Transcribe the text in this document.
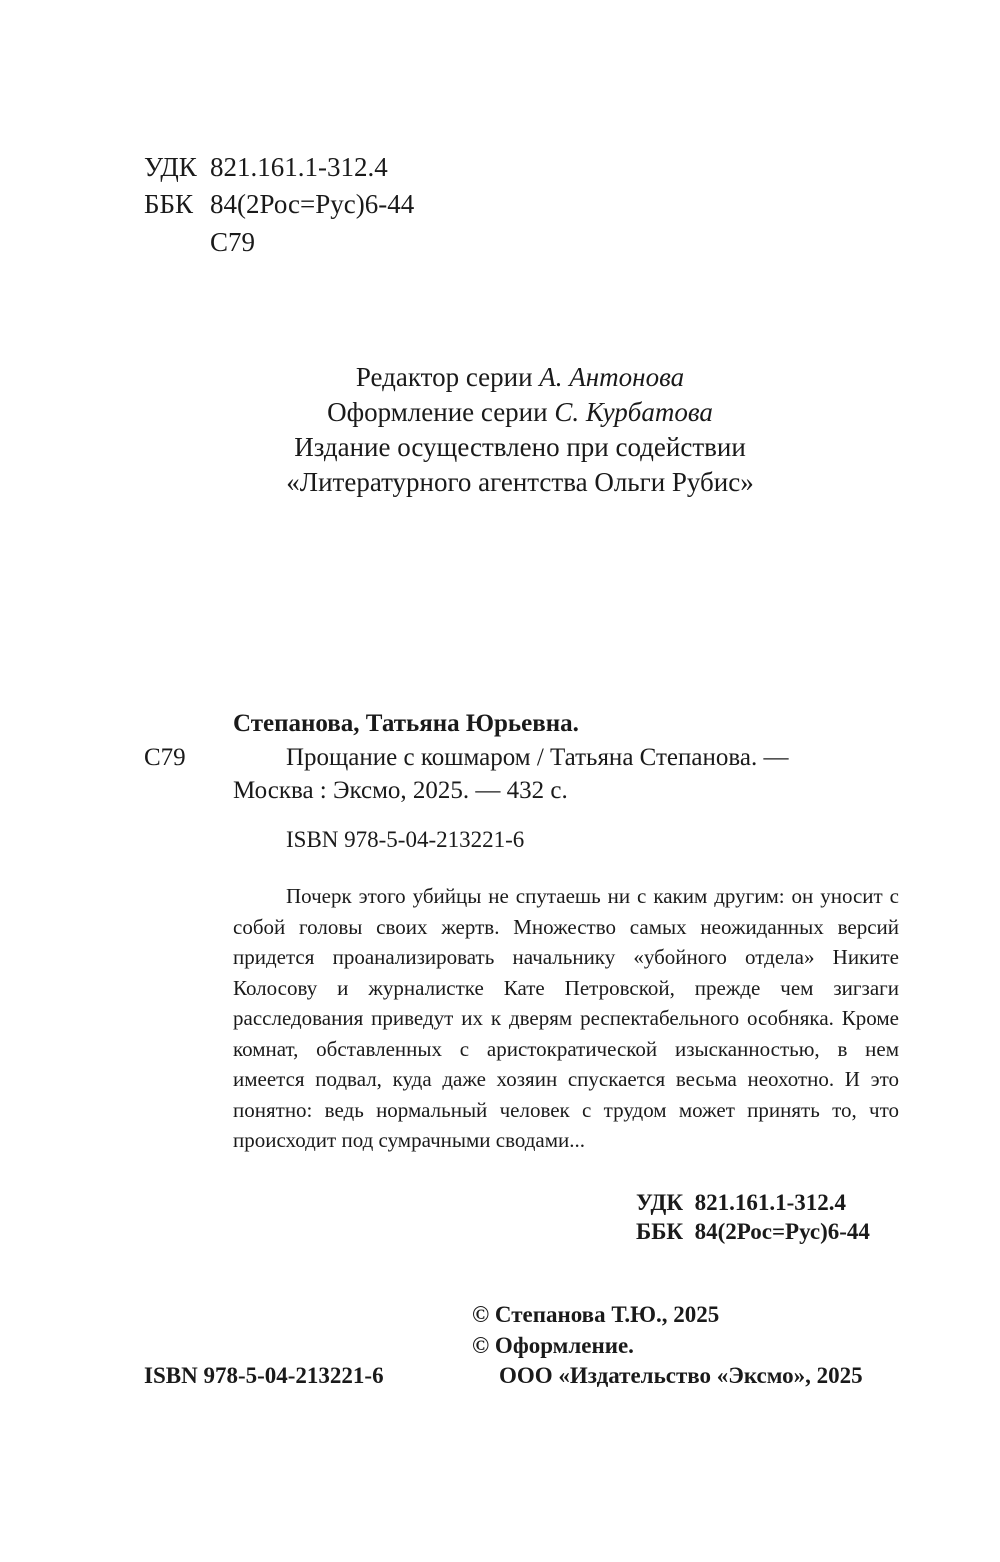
УДК 821.161.1-312.4
ББК 84(2Рос=Рус)6-44
С79
Редактор серии А. Антонова
Оформление серии С. Курбатова
Издание осуществлено при содействии
«Литературного агентства Ольги Рубис»
Степанова, Татьяна Юрьевна.
С79	Прощание с кошмаром / Татьяна Степанова. —
Москва : Эксмо, 2025. — 432 с.
ISBN 978-5-04-213221-6

Почерк этого убийцы не спутаешь ни с каким другим: он уносит с собой головы своих жертв. Множество самых неожиданных версий придется проанализировать начальнику «убойного отдела» Никите Колосову и журналистке Кате Петровской, прежде чем зигзаги расследования приведут их к дверям респектабельного особняка. Кроме комнат, обставленных с аристократической изысканностью, в нем имеется подвал, куда даже хозяин спускается весьма неохотно. И это понятно: ведь нормальный человек с трудом может принять то, что происходит под сумрачными сводами...

УДК 821.161.1-312.4
ББК 84(2Рос=Рус)6-44
© Степанова Т.Ю., 2025
© Оформление.
ООО «Издательство «Эксмо», 2025
ISBN 978-5-04-213221-6
